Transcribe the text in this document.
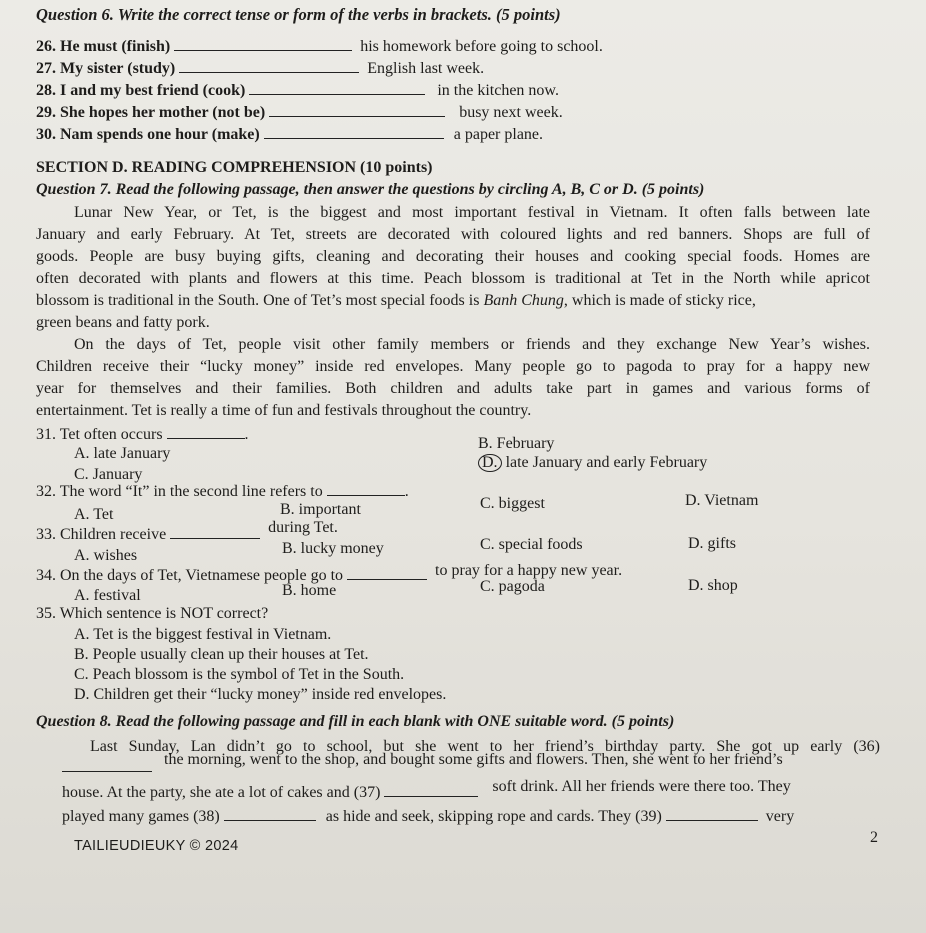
Question 6. Write the correct tense or form of the verbs in brackets. (5 points)
26. He must (finish)	his homework before going to school.
27. My sister (study)	English last week.
28. I and my best friend (cook)	in the kitchen now.
29. She hopes her mother (not be)	busy next week.
30. Nam spends one hour (make)	a paper plane.
SECTION D. READING COMPREHENSION (10 points)
Question 7. Read the following passage, then answer the questions by circling A, B, C or D. (5 points)
Lunar New Year, or Tet, is the biggest and most important festival in Vietnam. It often falls between late
January and early February. At Tet, streets are decorated with coloured lights and red banners. Shops are full of
goods. People are busy buying gifts, cleaning and decorating their houses and cooking special foods. Homes are
often decorated with plants and flowers at this time. Peach blossom is traditional at Tet in the North while apricot
blossom is traditional in the South. One of Tet’s most special foods is Banh Chung, which is made of sticky rice,
green beans and fatty pork.
On the days of Tet, people visit other family members or friends and they exchange New Year’s wishes.
Children receive their “lucky money” inside red envelopes. Many people go to pagoda to pray for a happy new
year for themselves and their families. Both children and adults take part in games and various forms of
entertainment. Tet is really a time of fun and festivals throughout the country.
31. Tet often occurs	.
A. late January
B. February
C. January
D. late January and early February
32. The word “It” in the second line refers to	.
A. Tet	B. important	C. biggest	D. Vietnam
33. Children receive	during Tet.
A. wishes	B. lucky money	C. special foods	D. gifts
34. On the days of Tet, Vietnamese people go to	to pray for a happy new year.
A. festival	B. home	C. pagoda	D. shop
35. Which sentence is NOT correct?
A. Tet is the biggest festival in Vietnam.
B. People usually clean up their houses at Tet.
C. Peach blossom is the symbol of Tet in the South.
D. Children get their “lucky money” inside red envelopes.
Question 8. Read the following passage and fill in each blank with ONE suitable word. (5 points)
Last Sunday, Lan didn’t go to school, but she went to her friend’s birthday party. She got up early (36)
the morning, went to the shop, and bought some gifts and flowers. Then, she went to her friend’s
house. At the party, she ate a lot of cakes and (37)	soft drink. All her friends were there too. They
played many games (38)	as hide and seek, skipping rope and cards. They (39)	very
TAILIEUDIEUKY © 2024	2
